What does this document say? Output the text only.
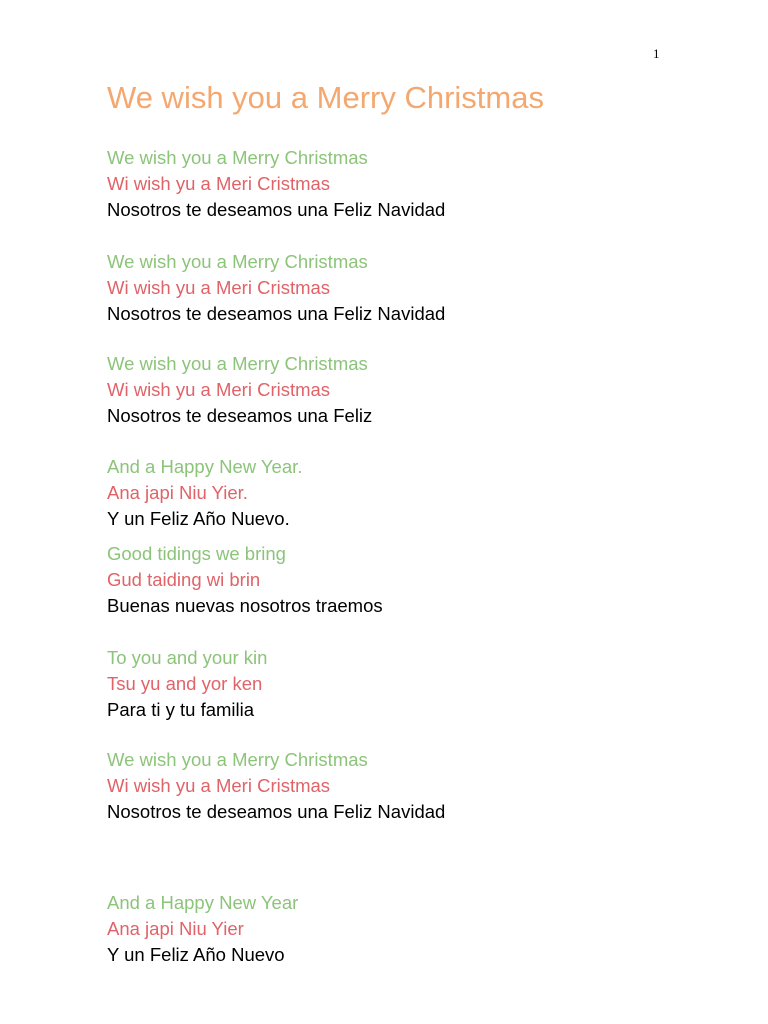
1
We wish you a Merry Christmas
We wish you a Merry Christmas
Wi wish yu a Meri Cristmas
Nosotros te deseamos una Feliz Navidad
We wish you a Merry Christmas
Wi wish yu a Meri Cristmas
Nosotros te deseamos una Feliz Navidad
We wish you a Merry Christmas
Wi wish yu a Meri Cristmas
Nosotros te deseamos una Feliz
And a Happy New Year.
Ana japi Niu Yier.
Y un Feliz Año Nuevo.
Good tidings we bring
Gud taiding wi brin
Buenas nuevas nosotros traemos
To you and your kin
Tsu yu and yor ken
Para ti y tu familia
We wish you a Merry Christmas
Wi wish yu a Meri Cristmas
Nosotros te deseamos una Feliz Navidad
And a Happy New Year
Ana japi Niu Yier
Y un Feliz Año Nuevo
